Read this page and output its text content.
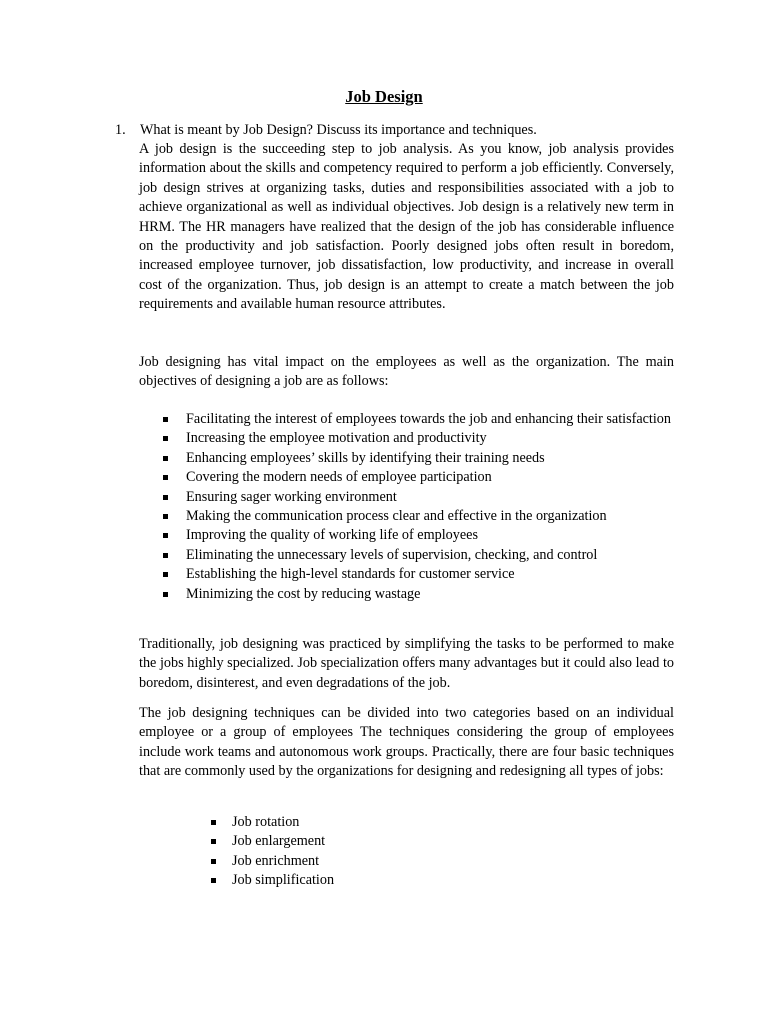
Job Design
1. What is meant by Job Design? Discuss its importance and techniques.

A job design is the succeeding step to job analysis. As you know, job analysis provides information about the skills and competency required to perform a job efficiently. Conversely, job design strives at organizing tasks, duties and responsibilities associated with a job to achieve organizational as well as individual objectives. Job design is a relatively new term in HRM. The HR managers have realized that the design of the job has considerable influence on the productivity and job satisfaction. Poorly designed jobs often result in boredom, increased employee turnover, job dissatisfaction, low productivity, and increase in overall cost of the organization. Thus, job design is an attempt to create a match between the job requirements and available human resource attributes.

Job designing has vital impact on the employees as well as the organization. The main objectives of designing a job are as follows:

Facilitating the interest of employees towards the job and enhancing their satisfaction
Increasing the employee motivation and productivity
Enhancing employees’ skills by identifying their training needs
Covering the modern needs of employee participation
Ensuring sager working environment
Making the communication process clear and effective in the organization
Improving the quality of working life of employees
Eliminating the unnecessary levels of supervision, checking, and control
Establishing the high-level standards for customer service
Minimizing the cost by reducing wastage

Traditionally, job designing was practiced by simplifying the tasks to be performed to make the jobs highly specialized. Job specialization offers many advantages but it could also lead to boredom, disinterest, and even degradations of the job.

The job designing techniques can be divided into two categories based on an individual employee or a group of employees The techniques considering the group of employees include work teams and autonomous work groups. Practically, there are four basic techniques that are commonly used by the organizations for designing and redesigning all types of jobs:

Job rotation
Job enlargement
Job enrichment
Job simplification
